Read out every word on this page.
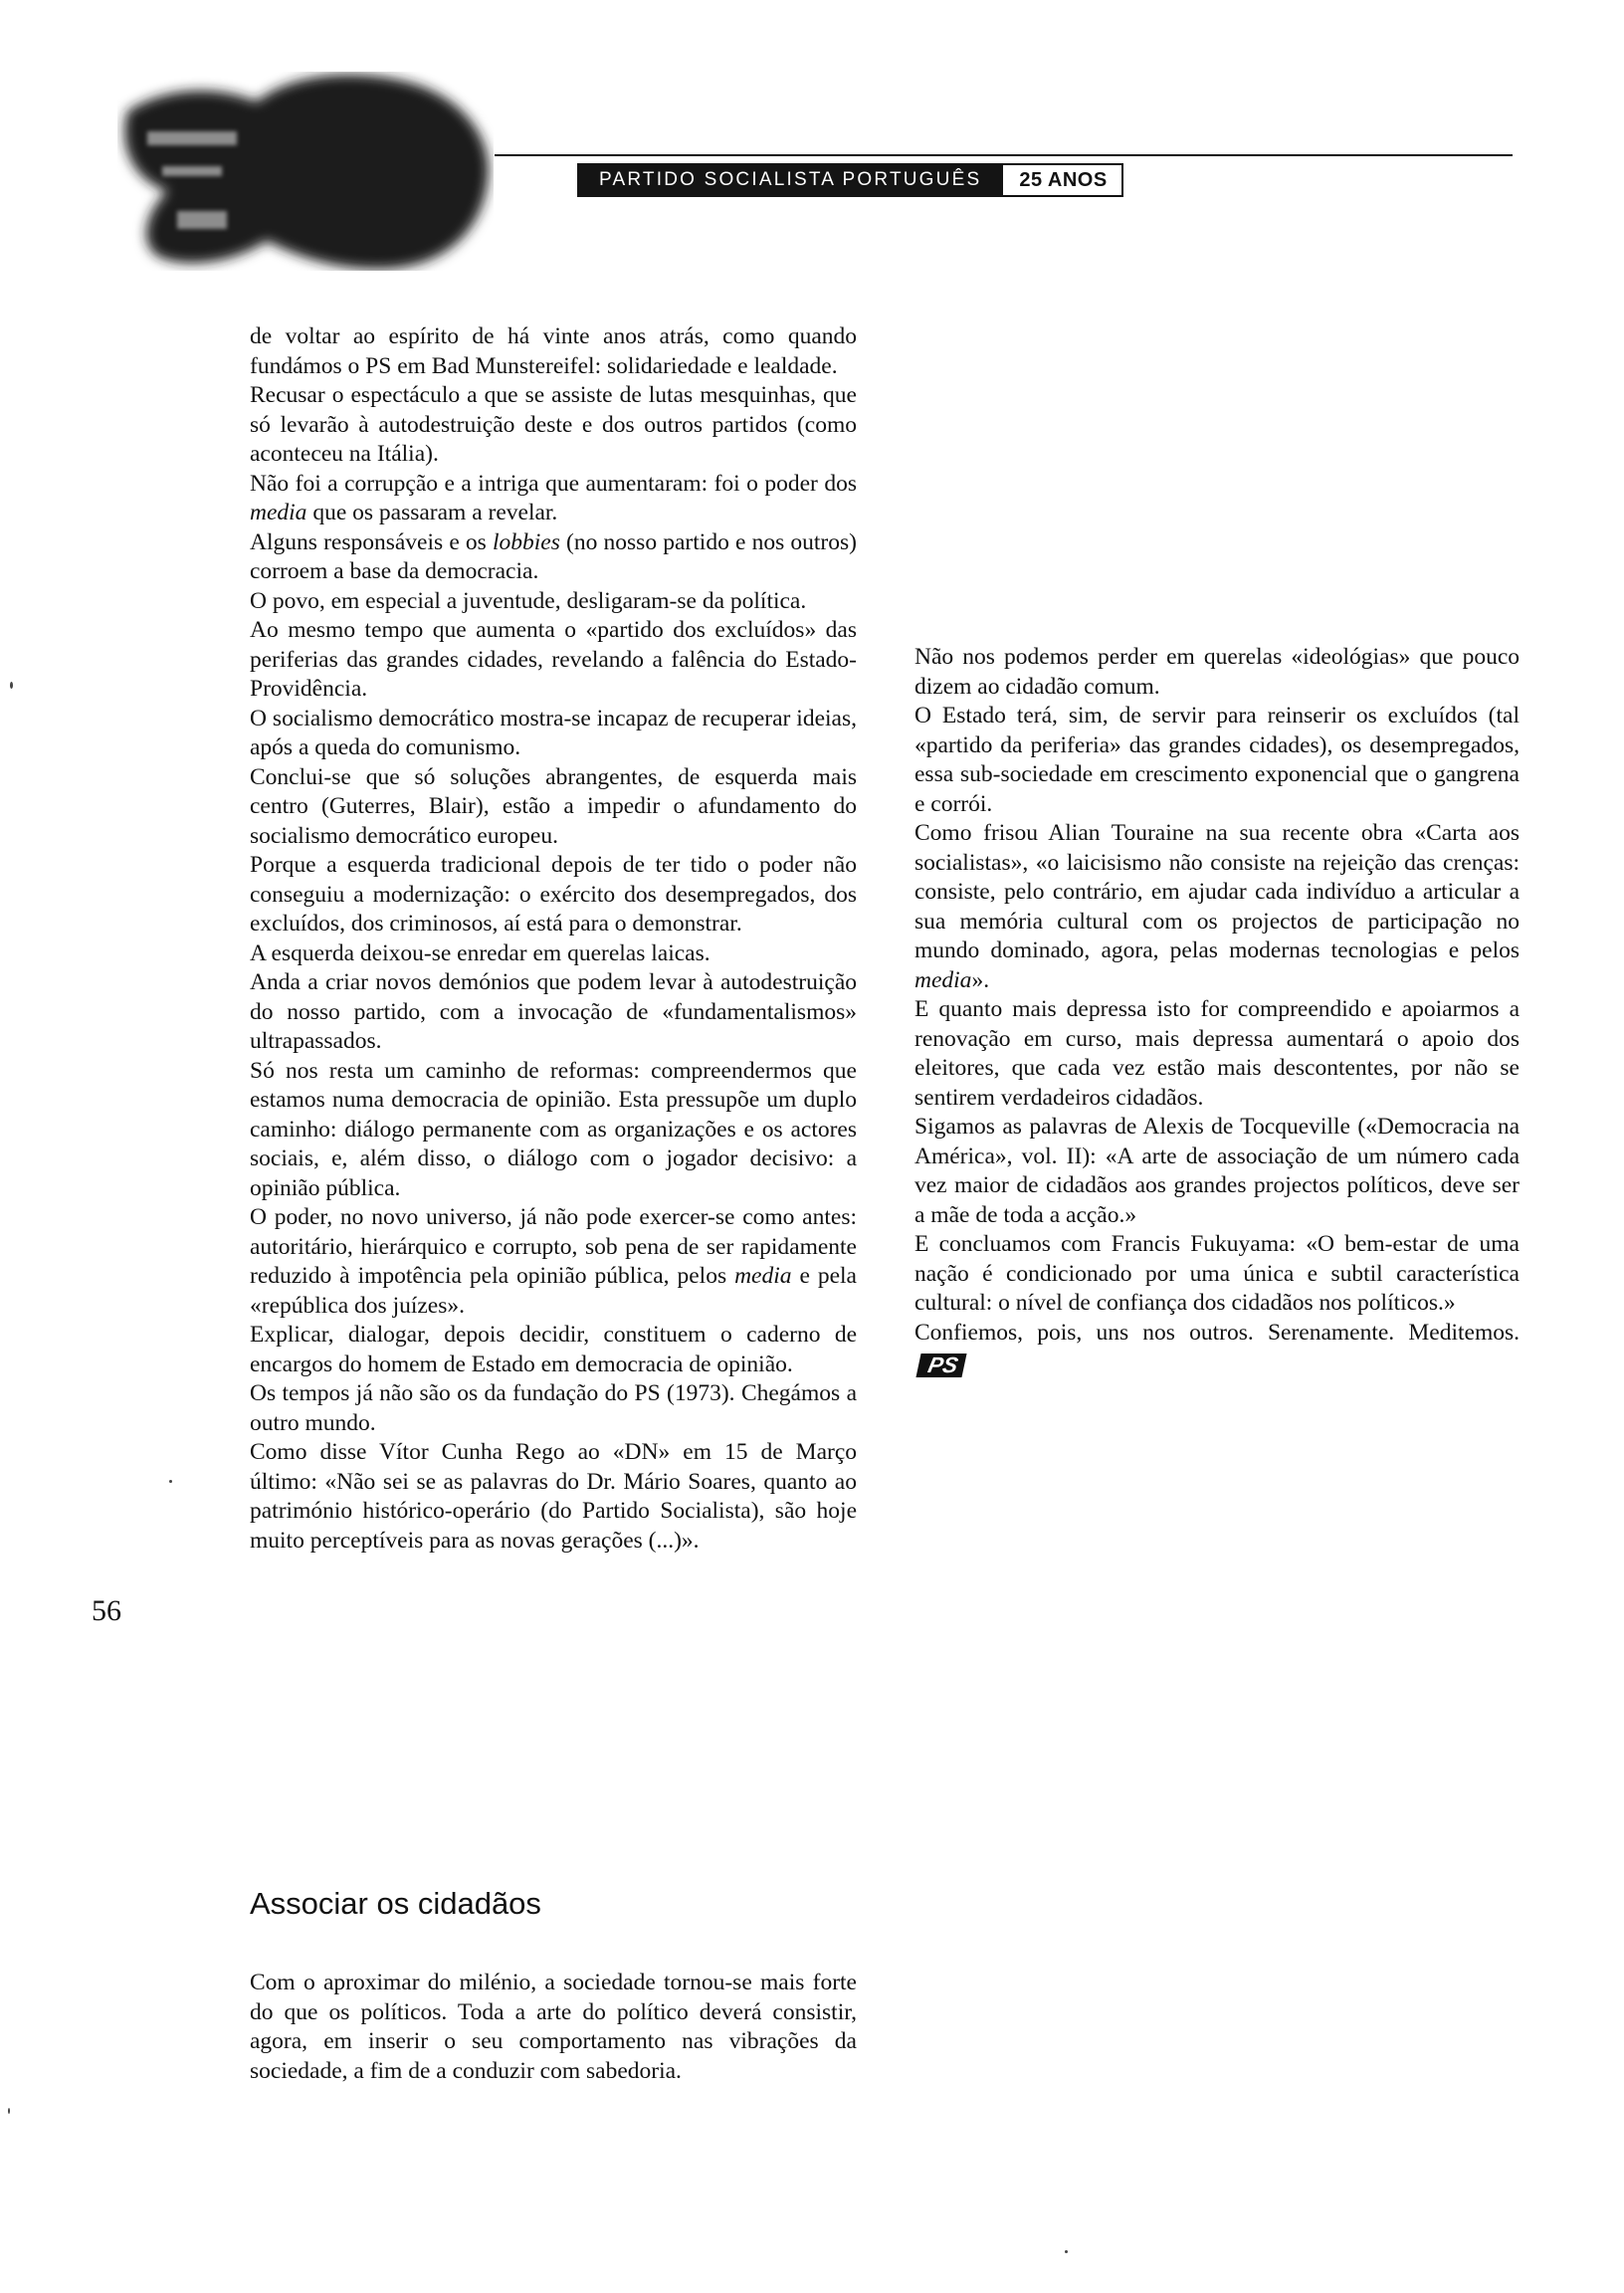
PARTIDO SOCIALISTA PORTUGUÊS	25 ANOS

de voltar ao espírito de há vinte anos atrás, como quando fundámos o PS em Bad Munstereifel: solidariedade e lealdade.

Recusar o espectáculo a que se assiste de lutas mesquinhas, que só levarão à autodestruição deste e dos outros partidos (como aconteceu na Itália).

Não foi a corrupção e a intriga que aumentaram: foi o poder dos media que os passaram a revelar.

Alguns responsáveis e os lobbies (no nosso partido e nos outros) corroem a base da democracia.

O povo, em especial a juventude, desligaram-se da política.

Ao mesmo tempo que aumenta o «partido dos excluídos» das periferias das grandes cidades, revelando a falência do Estado-Providência.

O socialismo democrático mostra-se incapaz de recuperar ideias, após a queda do comunismo.

Conclui-se que só soluções abrangentes, de esquerda mais centro (Guterres, Blair), estão a impedir o afundamento do socialismo democrático europeu.

Porque a esquerda tradicional depois de ter tido o poder não conseguiu a modernização: o exército dos desempregados, dos excluídos, dos criminosos, aí está para o demonstrar.

A esquerda deixou-se enredar em querelas laicas.

Anda a criar novos demónios que podem levar à autodestruição do nosso partido, com a invocação de «fundamentalismos» ultrapassados.

Só nos resta um caminho de reformas: compreendermos que estamos numa democracia de opinião. Esta pressupõe um duplo caminho: diálogo permanente com as organizações e os actores sociais, e, além disso, o diálogo com o jogador decisivo: a opinião pública.

O poder, no novo universo, já não pode exercer-se como antes: autoritário, hierárquico e corrupto, sob pena de ser rapidamente reduzido à impotência pela opinião pública, pelos media e pela «república dos juízes».

Explicar, dialogar, depois decidir, constituem o caderno de encargos do homem de Estado em democracia de opinião.

Os tempos já não são os da fundação do PS (1973). Chegámos a outro mundo.

Como disse Vítor Cunha Rego ao «DN» em 15 de Março último: «Não sei se as palavras do Dr. Mário Soares, quanto ao património histórico-operário (do Partido Socialista), são hoje muito perceptíveis para as novas gerações (...)».

Associar os cidadãos

Com o aproximar do milénio, a sociedade tornou-se mais forte do que os políticos. Toda a arte do político deverá consistir, agora, em inserir o seu comportamento nas vibrações da sociedade, a fim de a conduzir com sabedoria.

Não nos podemos perder em querelas «ideológias» que pouco dizem ao cidadão comum.

O Estado terá, sim, de servir para reinserir os excluídos (tal «partido da periferia» das grandes cidades), os desempregados, essa sub-sociedade em crescimento exponencial que o gangrena e corrói.

Como frisou Alian Touraine na sua recente obra «Carta aos socialistas», «o laicisismo não consiste na rejeição das crenças: consiste, pelo contrário, em ajudar cada indivíduo a articular a sua memória cultural com os projectos de participação no mundo dominado, agora, pelas modernas tecnologias e pelos media».

E quanto mais depressa isto for compreendido e apoiarmos a renovação em curso, mais depressa aumentará o apoio dos eleitores, que cada vez estão mais descontentes, por não se sentirem verdadeiros cidadãos.

Sigamos as palavras de Alexis de Tocqueville («Democracia na América», vol. II): «A arte de associação de um número cada vez maior de cidadãos aos grandes projectos políticos, deve ser a mãe de toda a acção.»

E concluamos com Francis Fukuyama: «O bem-estar de uma nação é condicionado por uma única e subtil característica cultural: o nível de confiança dos cidadãos nos políticos.»

Confiemos, pois, uns nos outros. Serenamente. Meditemos. PS

56
